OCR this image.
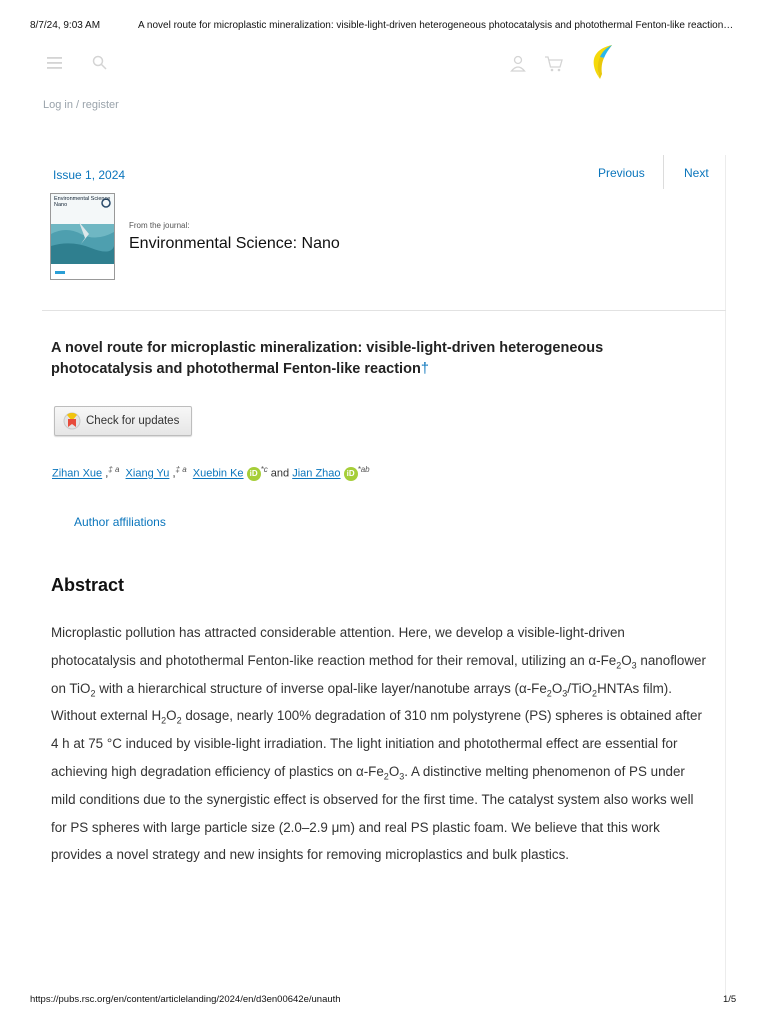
8/7/24, 9:03 AM	A novel route for microplastic mineralization: visible-light-driven heterogeneous photocatalysis and photothermal Fenton-like reaction…
Log in / register
Issue 1, 2024	Previous	Next
Environmental Science
Nano
From the journal:
Environmental Science: Nano
A novel route for microplastic mineralization: visible-light-driven heterogeneous photocatalysis and photothermal Fenton-like reaction†
Check for updates
Zihan Xue ,$^{\ddagger a}$ Xiang Yu ,$^{\ddagger a}$ Xuebin Ke iD $^{*c}$ and Jian Zhao iD $^{*ab}$
Author affiliations
Abstract
Microplastic pollution has attracted considerable attention. Here, we develop a visible-light-driven photocatalysis and photothermal Fenton-like reaction method for their removal, utilizing an $\alpha-Fe_2O_3$ nanoflower on TiO$_2$ with a hierarchical structure of inverse opal-like layer/nanotube arrays ($\alpha-Fe_2O_3/TiO_2HNTAs$ film). Without external $H_2O_2$ dosage, nearly 100% degradation of 310 nm polystyrene (PS) spheres is obtained after 4 h at 75 °C induced by visible-light irradiation. The light initiation and photothermal effect are essential for achieving high degradation efficiency of plastics on $\alpha-Fe_2O_3$. A distinctive melting phenomenon of PS under mild conditions due to the synergistic effect is observed for the first time. The catalyst system also works well for PS spheres with large particle size (2.0–2.9 μm) and real PS plastic foam. We believe that this work provides a novel strategy and new insights for removing microplastics and bulk plastics.
https://pubs.rsc.org/en/content/articlelanding/2024/en/d3en00642e/unauth	1/5
